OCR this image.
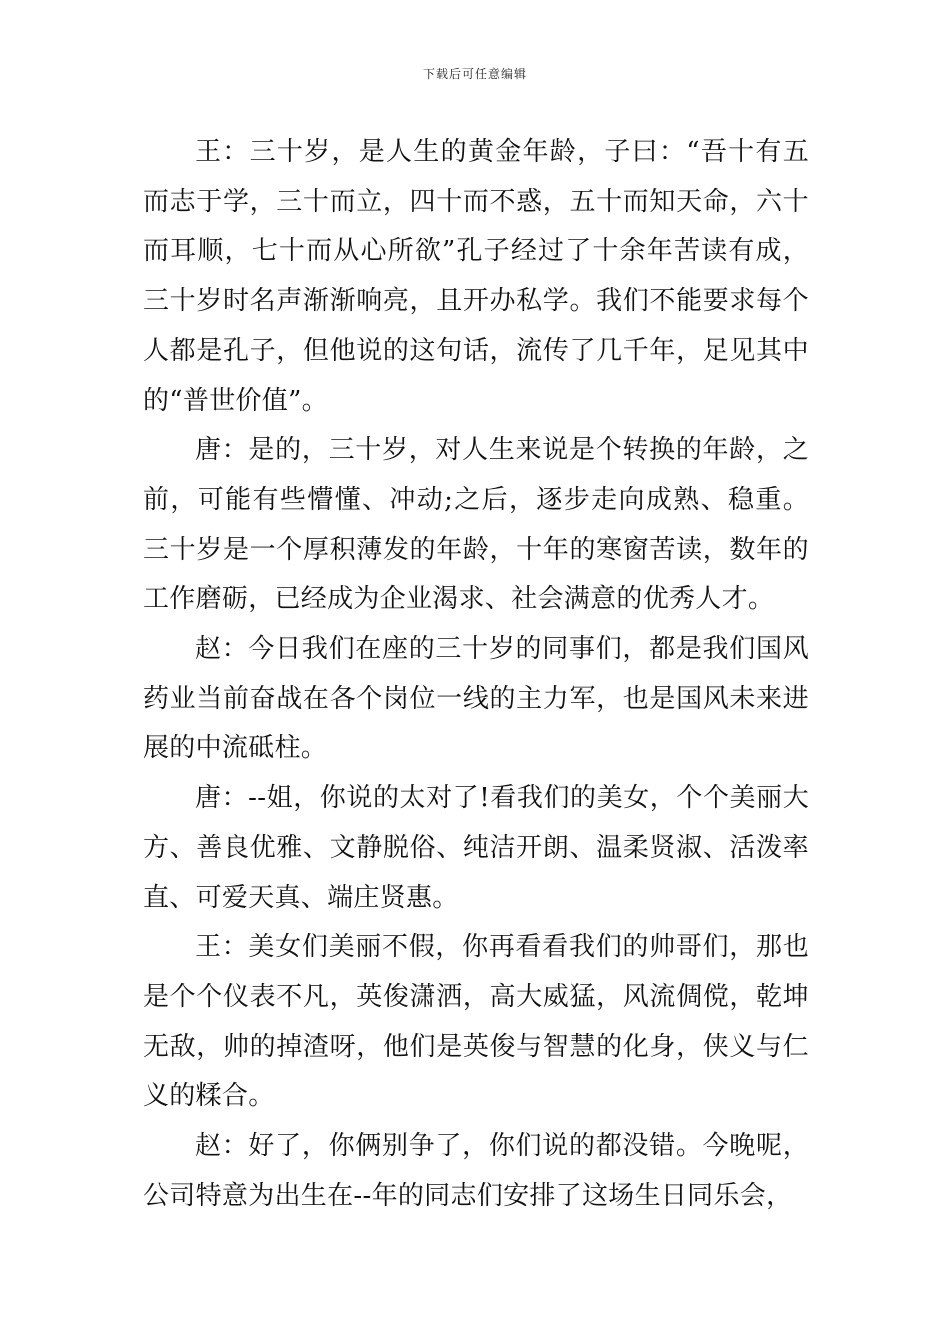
下载后可任意编辑

王：三十岁，是人生的黄金年龄，子曰：“吾十有五而志于学，三十而立，四十而不惑，五十而知天命，六十而耳顺，七十而从心所欲”孔子经过了十余年苦读有成，三十岁时名声渐渐响亮，且开办私学。我们不能要求每个人都是孔子，但他说的这句话，流传了几千年，足见其中的“普世价值”。

唐：是的，三十岁，对人生来说是个转换的年龄，之前，可能有些懵懂、冲动;之后，逐步走向成熟、稳重。三十岁是一个厚积薄发的年龄，十年的寒窗苦读，数年的工作磨砺，已经成为企业渴求、社会满意的优秀人才。

赵：今日我们在座的三十岁的同事们，都是我们国风药业当前奋战在各个岗位一线的主力军，也是国风未来进展的中流砥柱。

唐：--姐，你说的太对了!看我们的美女，个个美丽大方、善良优雅、文静脱俗、纯洁开朗、温柔贤淑、活泼率直、可爱天真、端庄贤惠。

王：美女们美丽不假，你再看看我们的帅哥们，那也是个个仪表不凡，英俊潇洒，高大威猛，风流倜傥，乾坤无敌，帅的掉渣呀，他们是英俊与智慧的化身，侠义与仁义的糅合。

赵：好了，你俩别争了，你们说的都没错。今晚呢，公司特意为出生在--年的同志们安排了这场生日同乐会，
